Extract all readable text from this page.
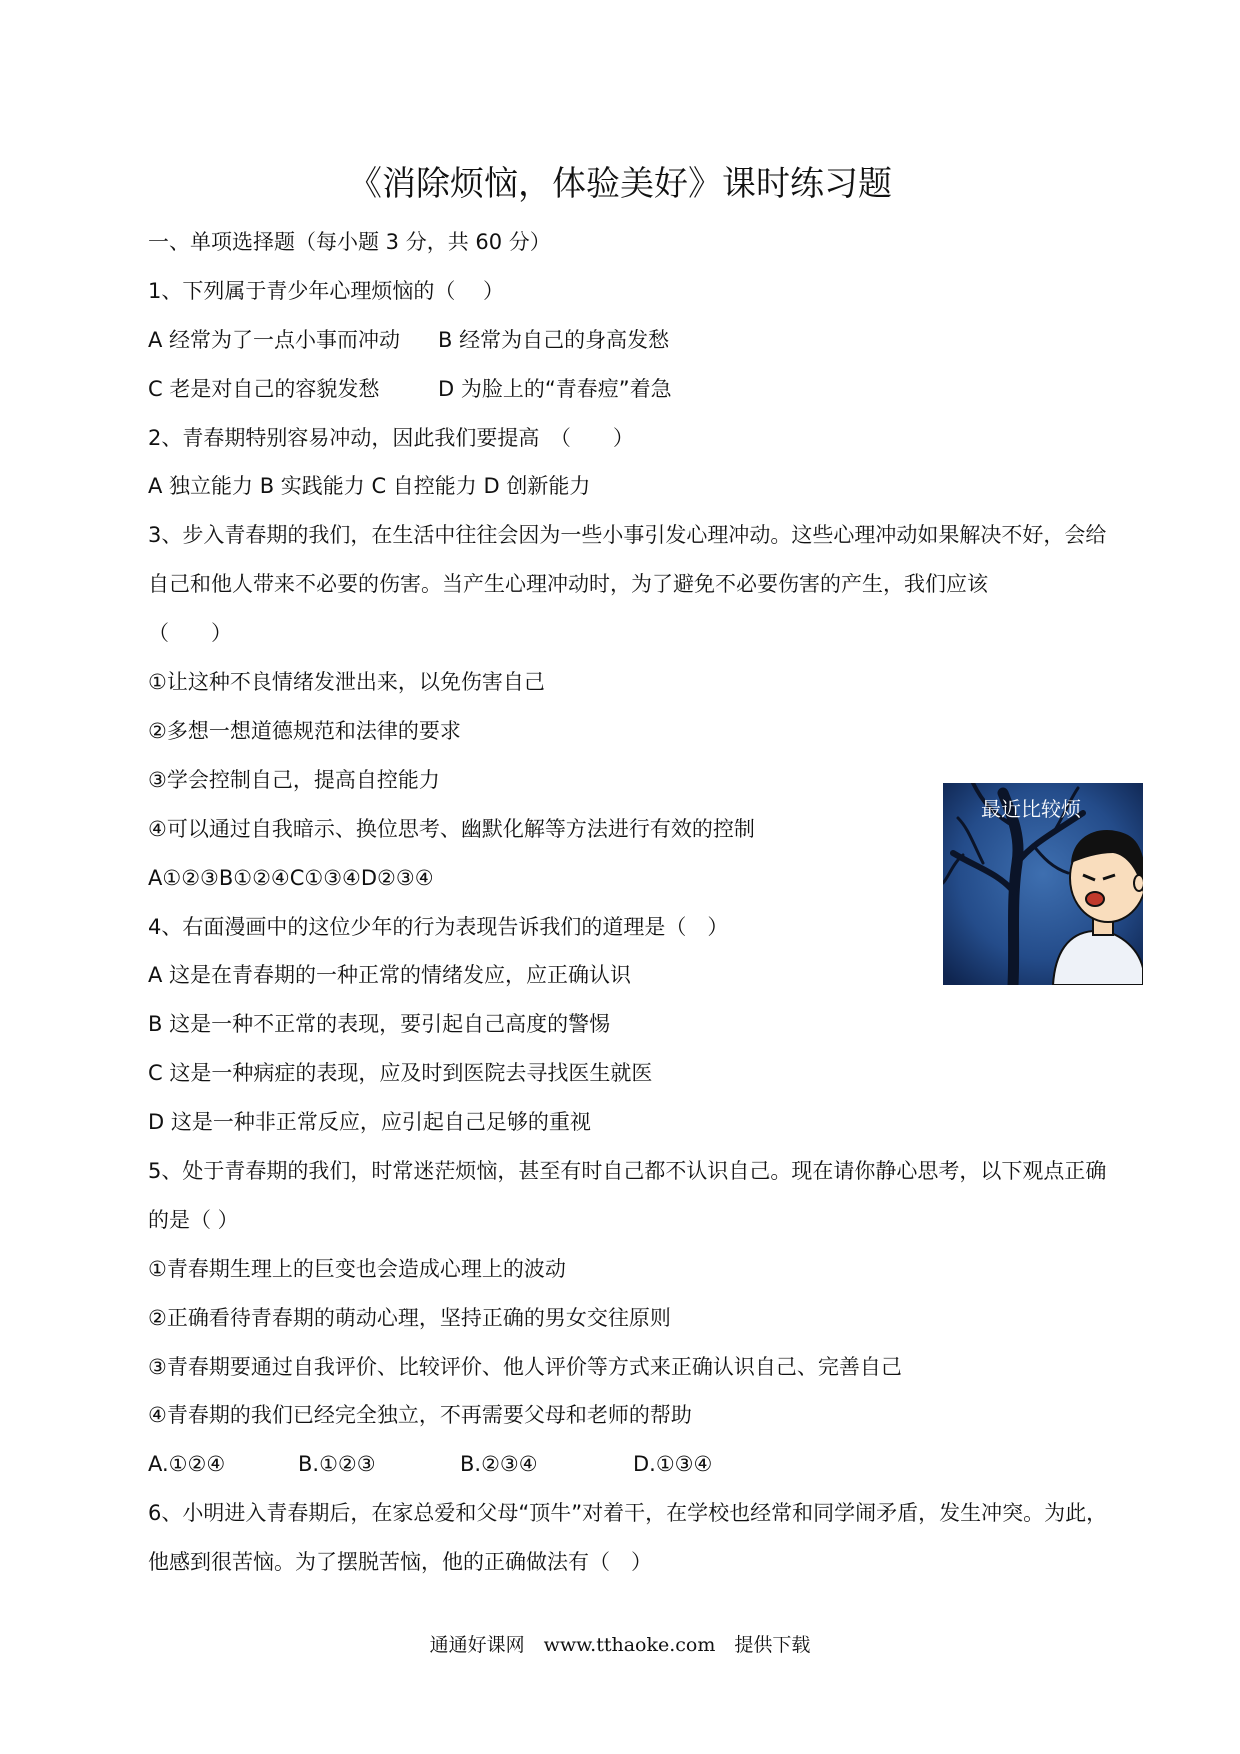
《消除烦恼，体验美好》课时练习题
一、单项选择题（每小题 3 分，共 60 分）
1、下列属于青少年心理烦恼的（　 ）
A 经常为了一点小事而冲动	B 经常为自己的身高发愁
C 老是对自己的容貌发愁	D 为脸上的“青春痘”着急
2、青春期特别容易冲动，因此我们要提高　（　　）
A 独立能力 B 实践能力 C 自控能力 D 创新能力
3、步入青春期的我们，在生活中往往会因为一些小事引发心理冲动。这些心理冲动如果解决不好，会给自己和他人带来不必要的伤害。当产生心理冲动时，为了避免不必要伤害的产生，我们应该
（　　）
①让这种不良情绪发泄出来，以免伤害自己
②多想一想道德规范和法律的要求
③学会控制自己，提高自控能力
④可以通过自我暗示、换位思考、幽默化解等方法进行有效的控制
A①②③B①②④C①③④D②③④
4、右面漫画中的这位少年的行为表现告诉我们的道理是（　）
A 这是在青春期的一种正常的情绪发应，应正确认识
B 这是一种不正常的表现，要引起自己高度的警惕
C 这是一种病症的表现，应及时到医院去寻找医生就医
D 这是一种非正常反应，应引起自己足够的重视
5、处于青春期的我们，时常迷茫烦恼，甚至有时自己都不认识自己。现在请你静心思考，以下观点正确的是（ ）
①青春期生理上的巨变也会造成心理上的波动
②正确看待青春期的萌动心理，坚持正确的男女交往原则
③青春期要通过自我评价、比较评价、他人评价等方式来正确认识自己、完善自己
④青春期的我们已经完全独立，不再需要父母和老师的帮助
A.①②④	B.①②③	B.②③④	D.①③④
6、小明进入青春期后，在家总爱和父母“顶牛”对着干，在学校也经常和同学闹矛盾，发生冲突。为此，他感到很苦恼。为了摆脱苦恼，他的正确做法有（　）
最近比较烦
通通好课网　www.tthaoke.com　提供下载
